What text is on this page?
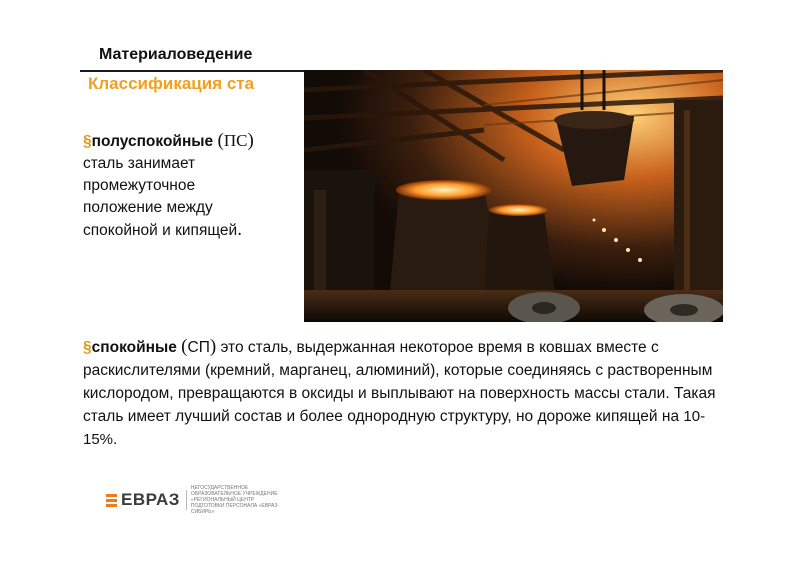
Материаловедение
Классификация ста
§полуспокойные (ПС)
сталь занимает
промежуточное
положение между
спокойной и кипящей.
§спокойные (СП) это сталь, выдержанная некоторое время в ковшах вместе с раскислителями (кремний, марганец, алюминий), которые соединяясь с растворенным кислородом, превращаются в оксиды и выплывают на поверхность массы стали. Такая сталь имеет лучший состав и более однородную структуру, но дороже кипящей на 10-15%.
ЕВРАЗ
НЕГОСУДАРСТВЕННОЕ ОБРАЗОВАТЕЛЬНОЕ УЧРЕЖДЕНИЕ «РЕГИОНАЛЬНЫЙ ЦЕНТР ПОДГОТОВКИ ПЕРСОНАЛА «ЕВРАЗ-СИБИРЬ»
